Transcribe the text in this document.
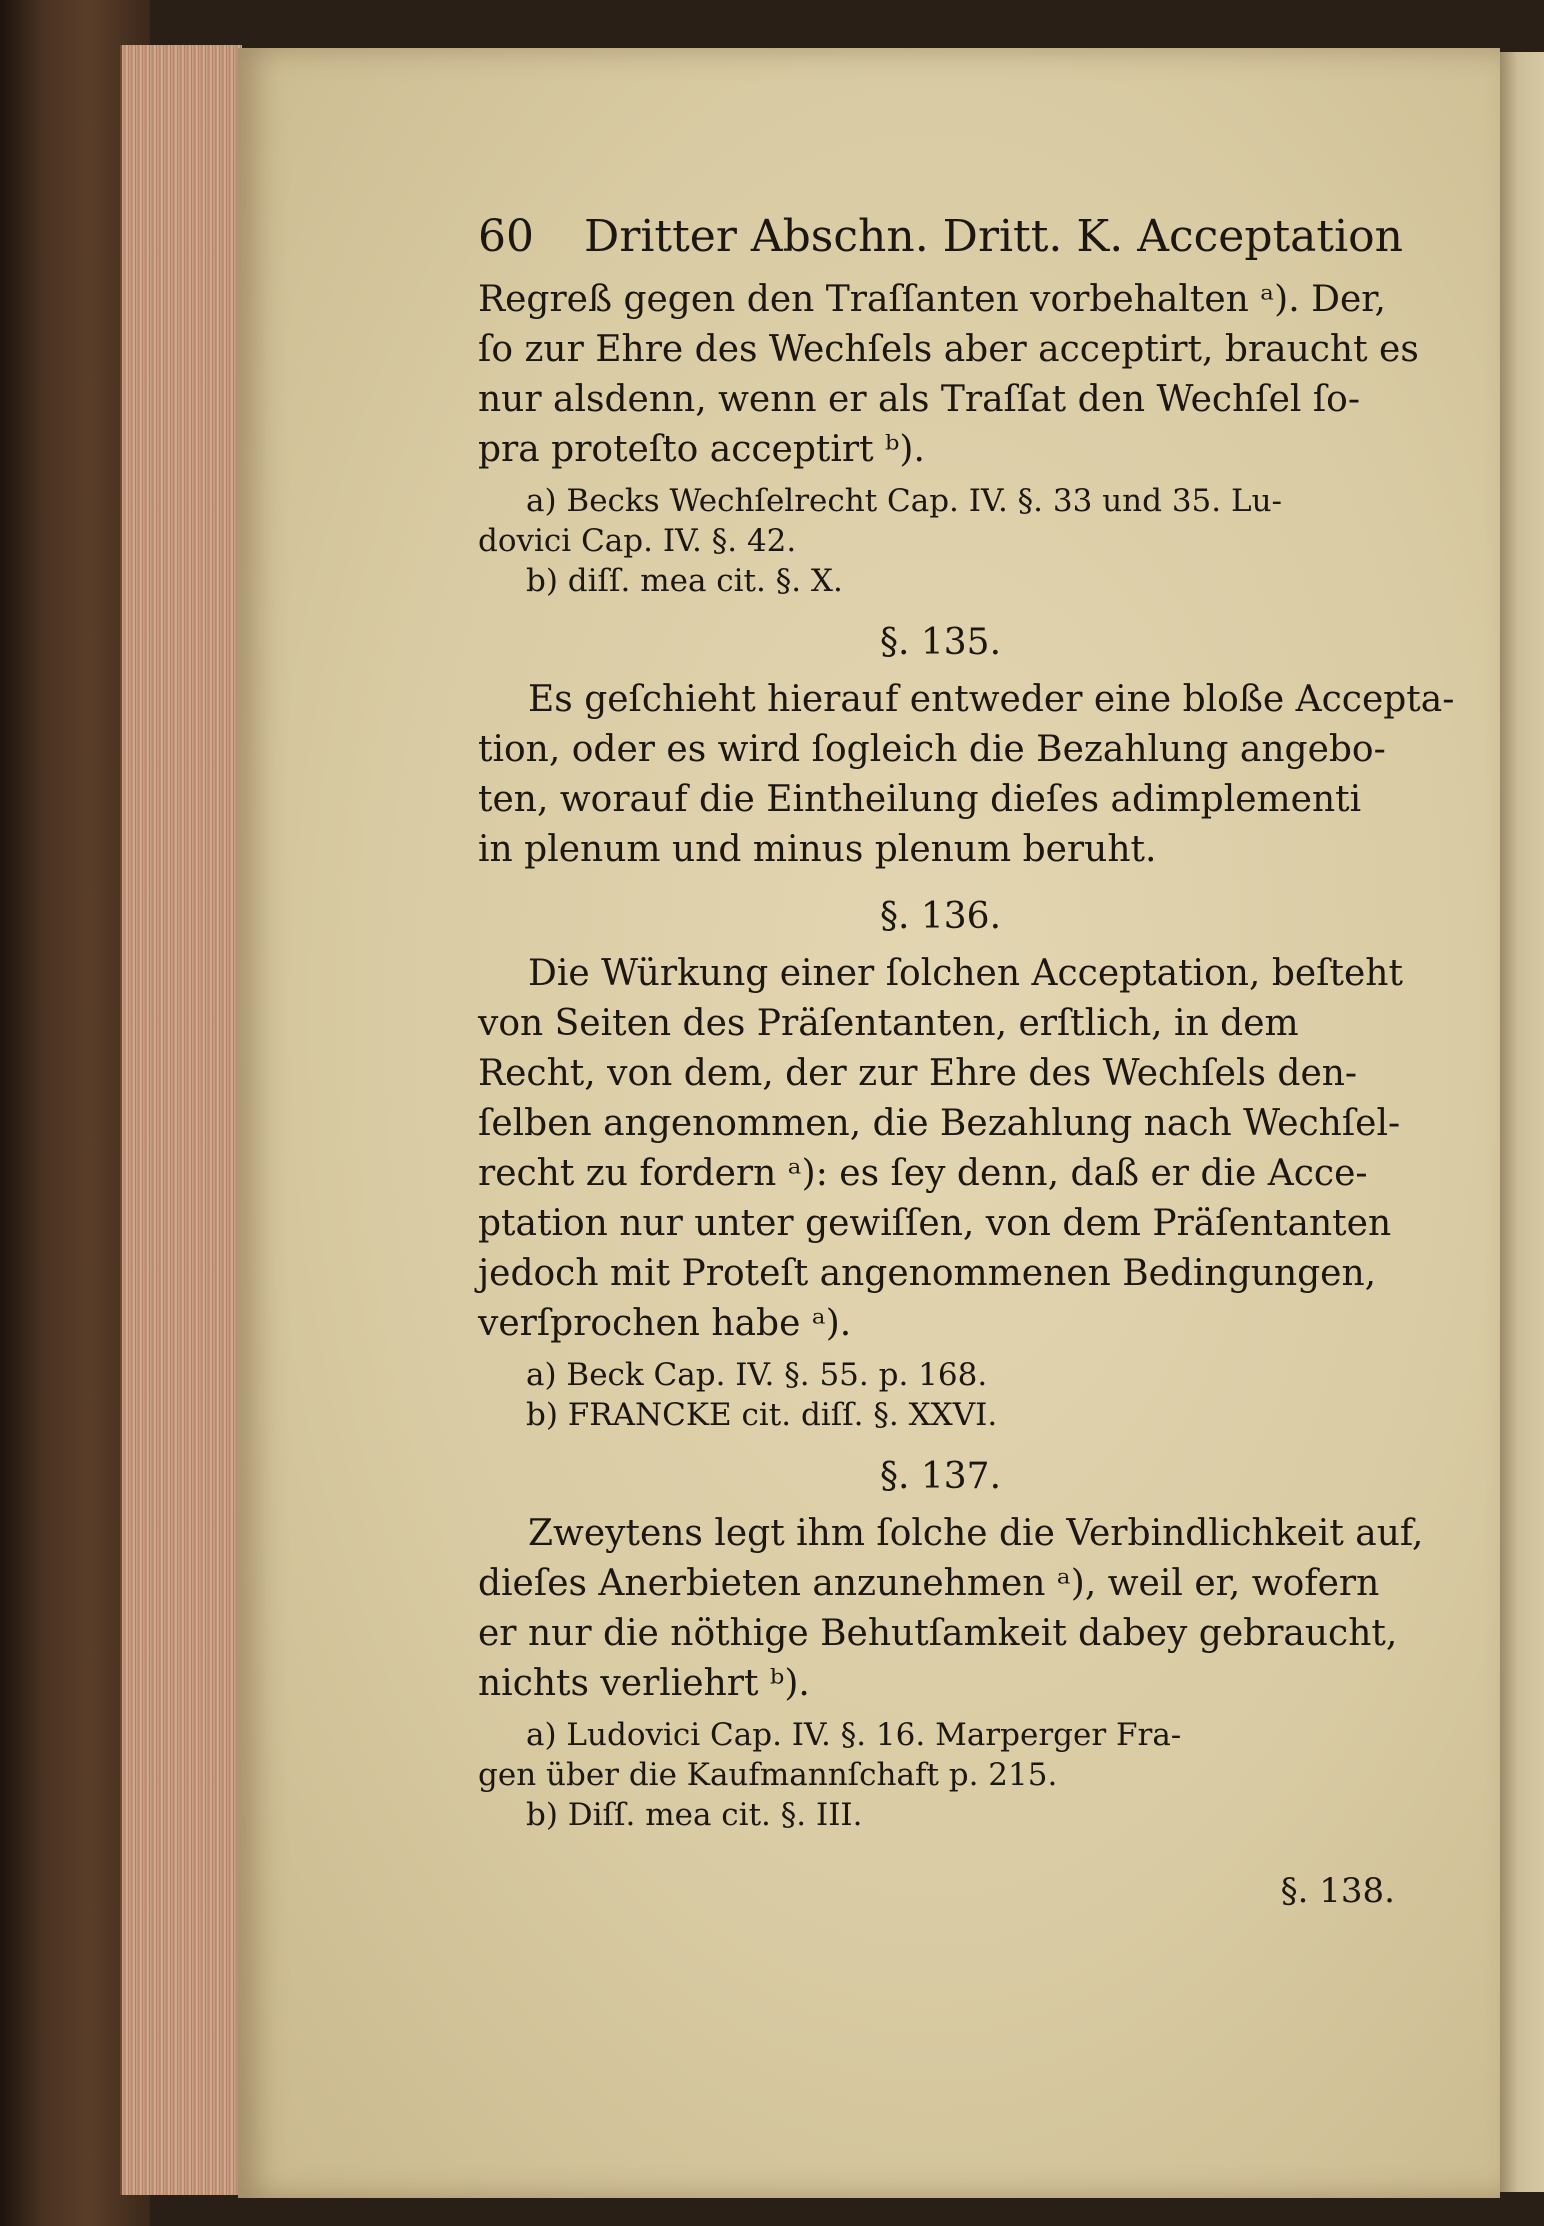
60 Dritter Abschn. Dritt. K. Acceptation
Regreß gegen den Traſſanten vorbehalten ᵃ). Der,
ſo zur Ehre des Wechſels aber acceptirt, braucht es
nur alsdenn, wenn er als Traſſat den Wechſel ſo-
pra proteſto acceptirt ᵇ).
a) Becks Wechſelrecht Cap. IV. §. 33 und 35. Lu-
dovici Cap. IV. §. 42.
b) diſſ. mea cit. §. X.
§. 135.
Es geſchieht hierauf entweder eine bloße Accepta-
tion, oder es wird ſogleich die Bezahlung angebo-
ten, worauf die Eintheilung dieſes adimplementi
in plenum und minus plenum beruht.
§. 136.
Die Würkung einer ſolchen Acceptation, beſteht
von Seiten des Präſentanten, erſtlich, in dem
Recht, von dem, der zur Ehre des Wechſels den-
ſelben angenommen, die Bezahlung nach Wechſel-
recht zu fordern ᵃ): es ſey denn, daß er die Acce-
ptation nur unter gewiſſen, von dem Präſentanten
jedoch mit Proteſt angenommenen Bedingungen,
verſprochen habe ᵃ).
a) Beck Cap. IV. §. 55. p. 168.
b) FRANCKE cit. diſſ. §. XXVI.
§. 137.
Zweytens legt ihm ſolche die Verbindlichkeit auf,
dieſes Anerbieten anzunehmen ᵃ), weil er, wofern
er nur die nöthige Behutſamkeit dabey gebraucht,
nichts verliehrt ᵇ).
a) Ludovici Cap. IV. §. 16. Marperger Fra-
gen über die Kaufmannſchaft p. 215.
b) Diſſ. mea cit. §. III.
§. 138.
